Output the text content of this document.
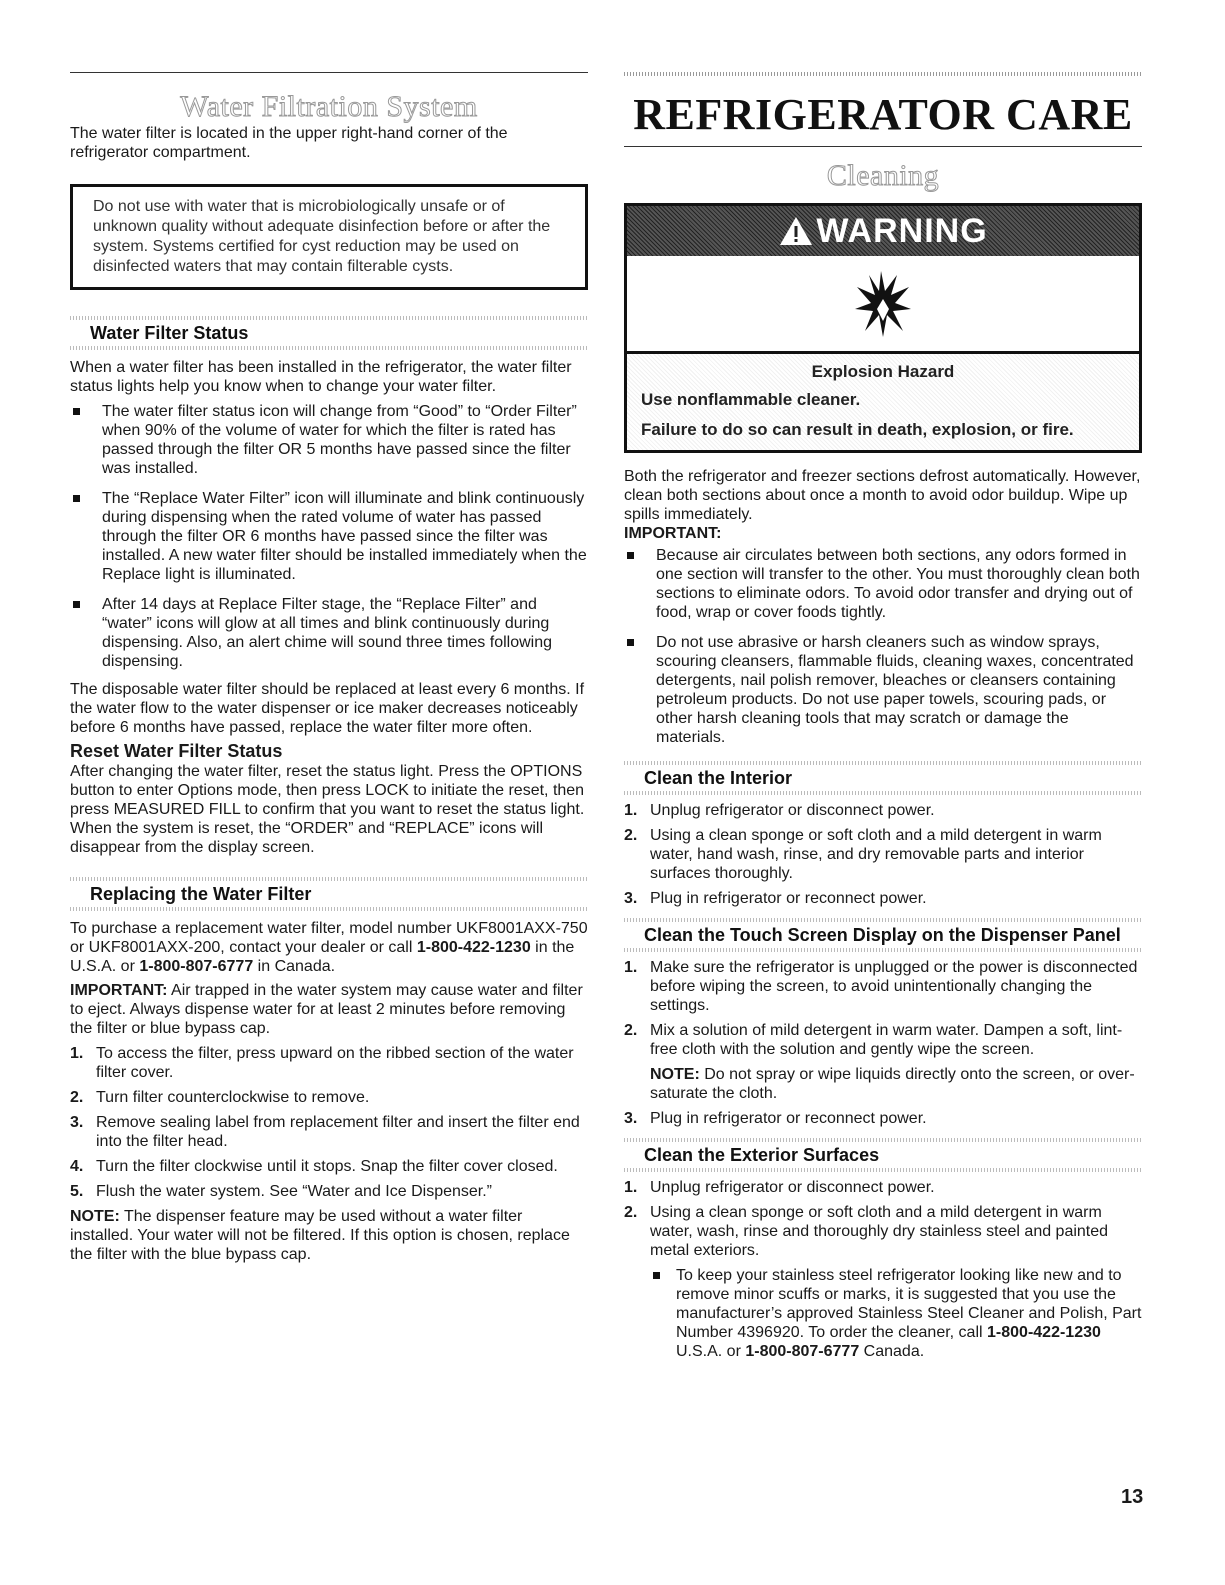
Water Filtration System

The water filter is located in the upper right-hand corner of the refrigerator compartment.

Do not use with water that is microbiologically unsafe or of unknown quality without adequate disinfection before or after the system. Systems certified for cyst reduction may be used on disinfected waters that may contain filterable cysts.
Water Filter Status

When a water filter has been installed in the refrigerator, the water filter status lights help you know when to change your water filter.

The water filter status icon will change from “Good” to “Order Filter” when 90% of the volume of water for which the filter is rated has passed through the filter OR 5 months have passed since the filter was installed.
The “Replace Water Filter” icon will illuminate and blink continuously during dispensing when the rated volume of water has passed through the filter OR 6 months have passed since the filter was installed. A new water filter should be installed immediately when the Replace light is illuminated.
After 14 days at Replace Filter stage, the “Replace Filter” and “water” icons will glow at all times and blink continuously during dispensing. Also, an alert chime will sound three times following dispensing.

The disposable water filter should be replaced at least every 6 months. If the water flow to the water dispenser or ice maker decreases noticeably before 6 months have passed, replace the water filter more often.

Reset Water Filter Status

After changing the water filter, reset the status light. Press the OPTIONS button to enter Options mode, then press LOCK to initiate the reset, then press MEASURED FILL to confirm that you want to reset the status light. When the system is reset, the “ORDER” and “REPLACE” icons will disappear from the display screen.

Replacing the Water Filter

To purchase a replacement water filter, model number UKF8001AXX-750 or UKF8001AXX-200, contact your dealer or call 1-800-422-1230 in the U.S.A. or 1-800-807-6777 in Canada.

IMPORTANT: Air trapped in the water system may cause water and filter to eject. Always dispense water for at least 2 minutes before removing the filter or blue bypass cap.

1. To access the filter, press upward on the ribbed section of the water filter cover.
2. Turn filter counterclockwise to remove.
3. Remove sealing label from replacement filter and insert the filter end into the filter head.
4. Turn the filter clockwise until it stops. Snap the filter cover closed.
5. Flush the water system. See “Water and Ice Dispenser.”

NOTE: The dispenser feature may be used without a water filter installed. Your water will not be filtered. If this option is chosen, replace the filter with the blue bypass cap.

REFRIGERATOR CARE
Cleaning
WARNING
Explosion Hazard
Use nonflammable cleaner.
Failure to do so can result in death, explosion, or fire.

Both the refrigerator and freezer sections defrost automatically. However, clean both sections about once a month to avoid odor buildup. Wipe up spills immediately.

IMPORTANT:
Because air circulates between both sections, any odors formed in one section will transfer to the other. You must thoroughly clean both sections to eliminate odors. To avoid odor transfer and drying out of food, wrap or cover foods tightly.
Do not use abrasive or harsh cleaners such as window sprays, scouring cleansers, flammable fluids, cleaning waxes, concentrated detergents, nail polish remover, bleaches or cleansers containing petroleum products. Do not use paper towels, scouring pads, or other harsh cleaning tools that may scratch or damage the materials.
Clean the Interior
1. Unplug refrigerator or disconnect power.
2. Using a clean sponge or soft cloth and a mild detergent in warm water, hand wash, rinse, and dry removable parts and interior surfaces thoroughly.
3. Plug in refrigerator or reconnect power.
Clean the Touch Screen Display on the Dispenser Panel
1. Make sure the refrigerator is unplugged or the power is disconnected before wiping the screen, to avoid unintentionally changing the settings.
2. Mix a solution of mild detergent in warm water. Dampen a soft, lint-free cloth with the solution and gently wipe the screen.
NOTE: Do not spray or wipe liquids directly onto the screen, or over-saturate the cloth.
3. Plug in refrigerator or reconnect power.
Clean the Exterior Surfaces
1. Unplug refrigerator or disconnect power.
2. Using a clean sponge or soft cloth and a mild detergent in warm water, wash, rinse and thoroughly dry stainless steel and painted metal exteriors.
To keep your stainless steel refrigerator looking like new and to remove minor scuffs or marks, it is suggested that you use the manufacturer’s approved Stainless Steel Cleaner and Polish, Part Number 4396920. To order the cleaner, call 1-800-422-1230 U.S.A. or 1-800-807-6777 Canada.
13
